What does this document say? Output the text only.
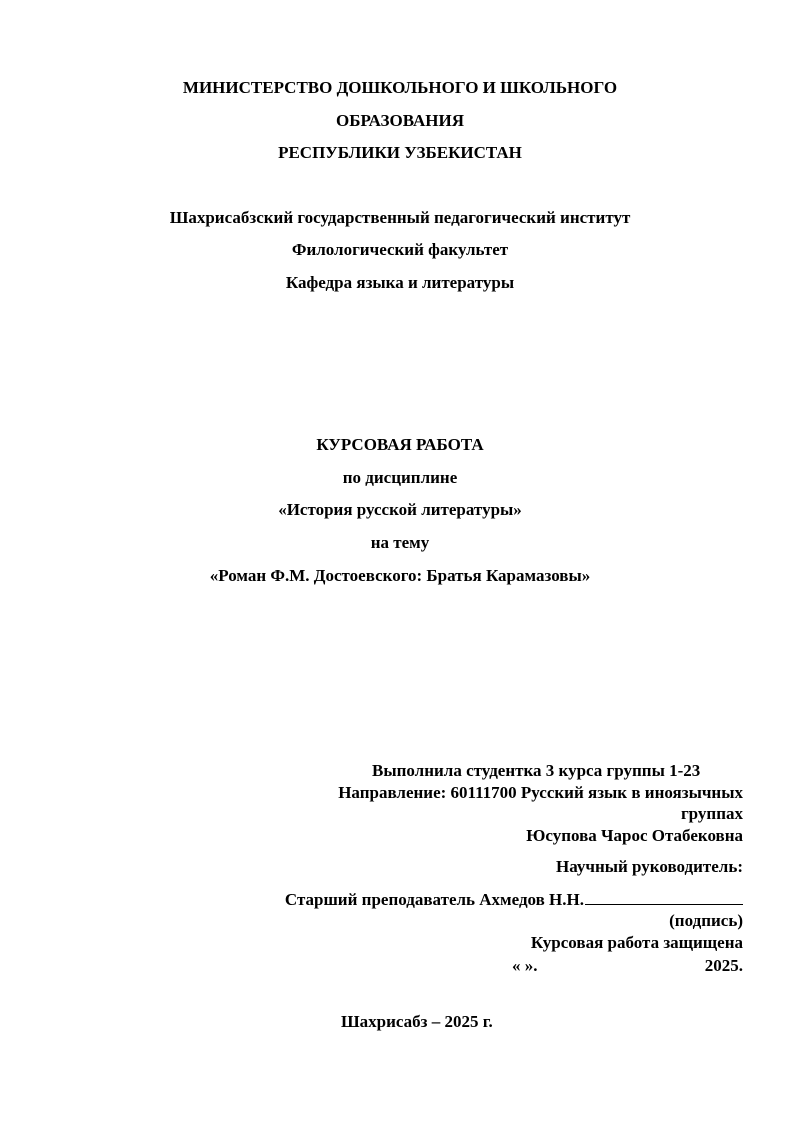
МИНИСТЕРСТВО ДОШКОЛЬНОГО И ШКОЛЬНОГО
ОБРАЗОВАНИЯ
РЕСПУБЛИКИ УЗБЕКИСТАН
Шахрисабзский государственный педагогический институт
Филологический факультет
Кафедра языка и литературы
КУРСОВАЯ РАБОТА
по дисциплине
«История русской литературы»
на тему
«Роман Ф.М. Достоевского: Братья Карамазовы»
Выполнила студентка 3 курса группы 1-23
Направление: 60111700 Русский язык в иноязычных
группах
Юсупова Чарос Отабековна
Научный руководитель:
Старший преподаватель Ахмедов Н.Н.
(подпись)
Курсовая работа защищена
« ».	2025.
Шахрисабз – 2025 г.
